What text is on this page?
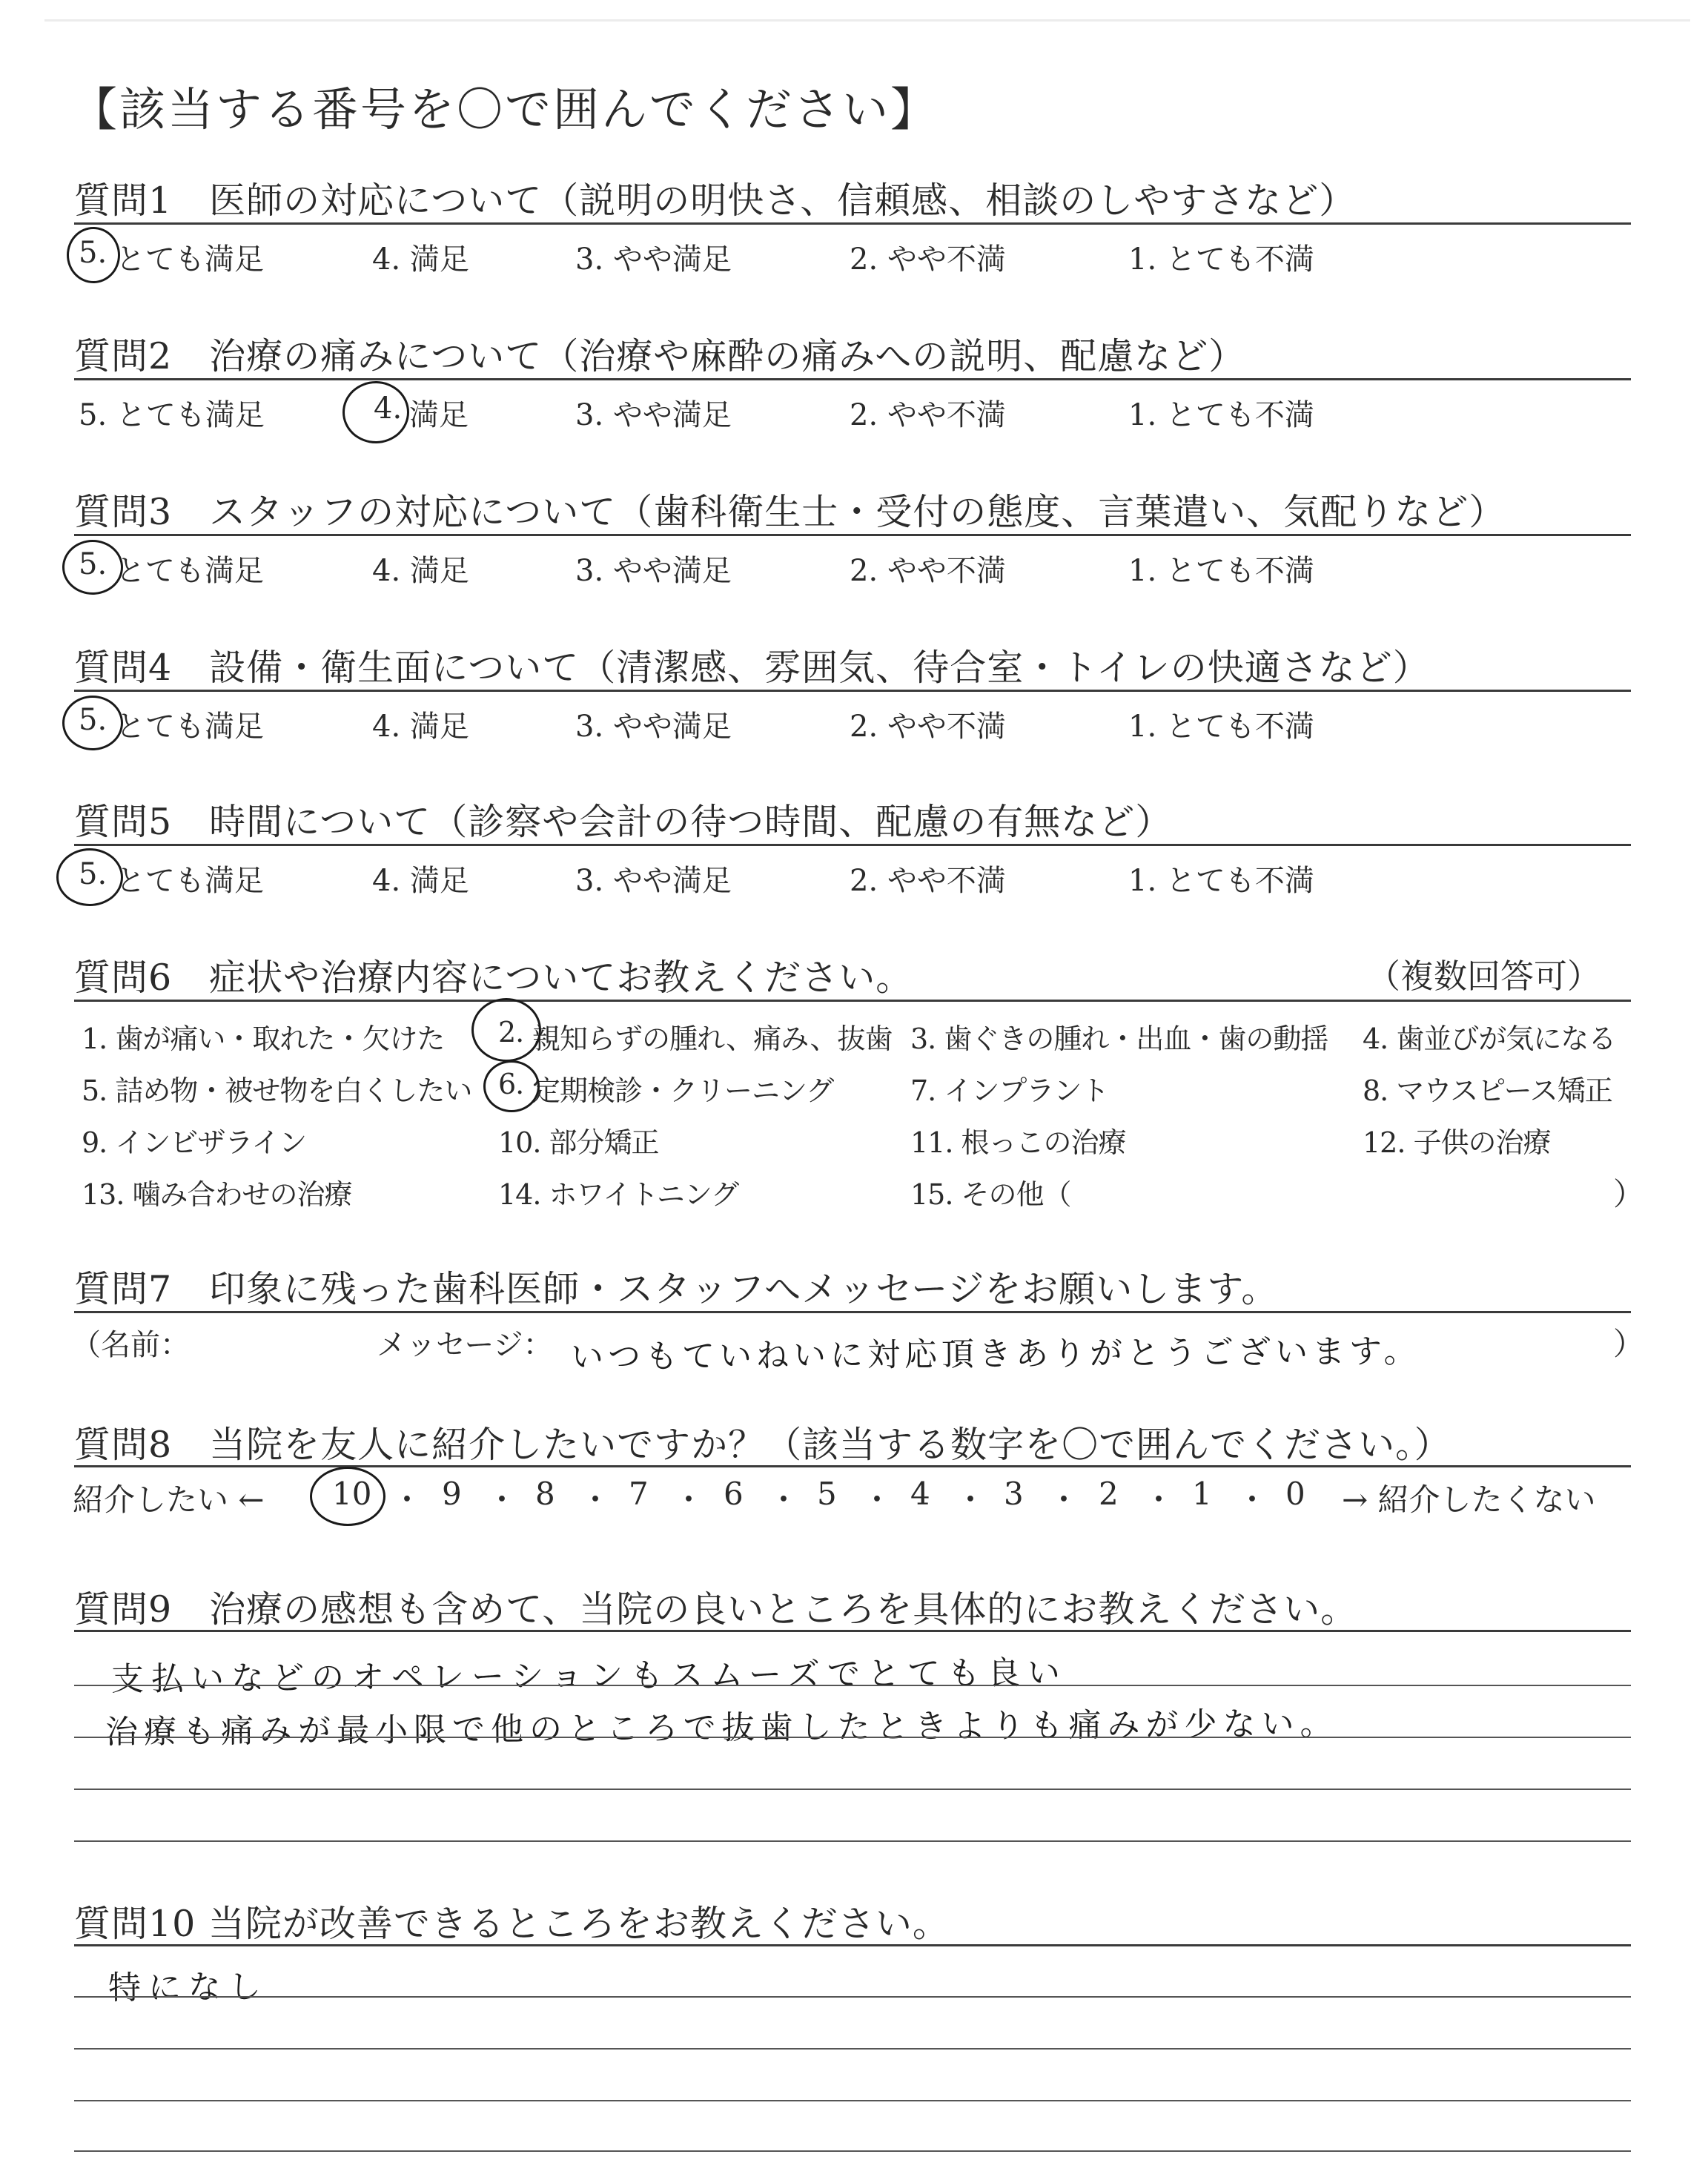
【該当する番号を〇で囲んでください】
質問1　医師の対応について（説明の明快さ、信頼感、相談のしやすさなど）
5. とても満足	4. 満足	3. やや満足	2. やや不満	1. とても不満
質問2　治療の痛みについて（治療や麻酔の痛みへの説明、配慮など）
5. とても満足	4. 満足	3. やや満足	2. やや不満	1. とても不満
質問3　スタッフの対応について（歯科衛生士・受付の態度、言葉遣い、気配りなど）
5. とても満足	4. 満足	3. やや満足	2. やや不満	1. とても不満
質問4　設備・衛生面について（清潔感、雰囲気、待合室・トイレの快適さなど）
5. とても満足	4. 満足	3. やや満足	2. やや不満	1. とても不満
質問5　時間について（診察や会計の待つ時間、配慮の有無など）
5. とても満足	4. 満足	3. やや満足	2. やや不満	1. とても不満
質問6　症状や治療内容についてお教えください。	（複数回答可）
1. 歯が痛い・取れた・欠けた 2. 親知らずの腫れ、痛み、抜歯 3. 歯ぐきの腫れ・出血・歯の動揺 4. 歯並びが気になる
5. 詰め物・被せ物を白くしたい 6. 定期検診・クリーニング	7. インプラント	8. マウスピース矯正
9. インビザライン	10. 部分矯正	11. 根っこの治療	12. 子供の治療
13. 噛み合わせの治療	14. ホワイトニング	15. その他（	）
質問7　印象に残った歯科医師・スタッフへメッセージをお願いします。
（名前：	メッセージ： いつもていねいに対応頂きありがとうございます。	）
質問8　当院を友人に紹介したいですか？（該当する数字を〇で囲んでください。）
紹介したい ← 10 ・ 9 ・ 8 ・ 7 ・ 6 ・ 5 ・ 4 ・ 3 ・ 2 ・ 1 ・ 0 → 紹介したくない
質問9　治療の感想も含めて、当院の良いところを具体的にお教えください。
支払いなどのオペレーションもスムーズでとても良い
治療も痛みが最小限で他のところで抜歯したときよりも痛みが少ない。
質問10 当院が改善できるところをお教えください。
特になし
